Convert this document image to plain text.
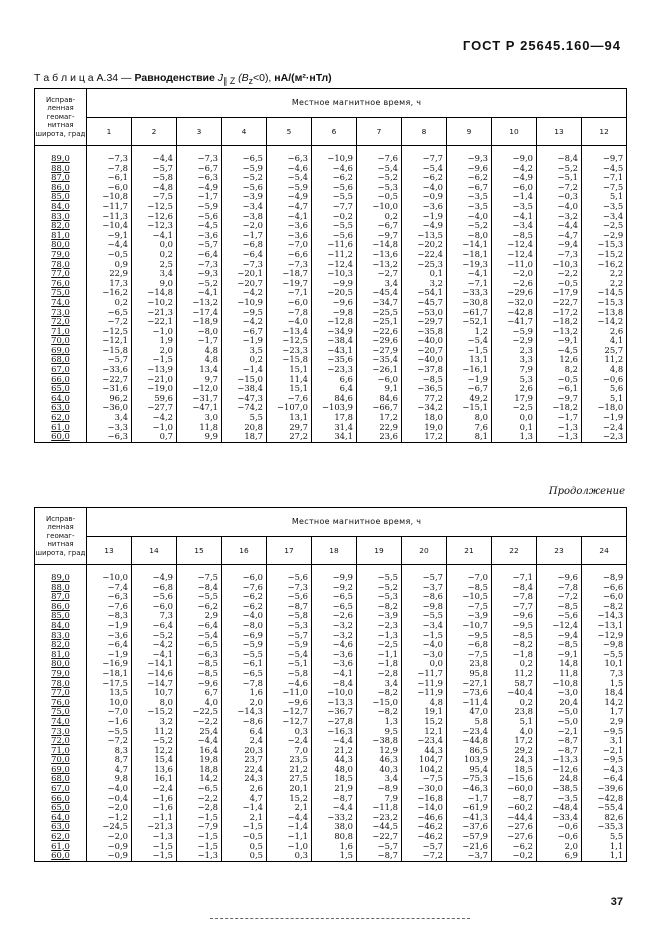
ГОСТ Р 25645.160—94
Т а б л и ц а А.34 — Равноденствие $J_{\parallel Z}$ $(B_z<0)$, нА/(м²·нТл)
Исправ-ленная геомаг-нитная широта, град	Местное магнитное время, ч											
	1	2	3	4	5	6	7	8	9	10	13	12

89,0	−7,3	−4,4	−7,3	−6,5	−6,3	−10,9	−7,6	−7,7	−9,3	−9,0	−8,4	−9,7
88,0	−7,8	−5,7	−6,7	−5,9	−4,6	−4,6	−5,4	−5,4	−9,6	−4,2	−5,2	−4,5
87,0	−6,1	−5,8	−6,3	−5,2	−5,4	−6,2	−5,2	−6,2	−6,2	−4,9	−5,1	−7,1
86,0	−6,0	−4,8	−4,9	−5,6	−5,9	−5,6	−5,3	−4,0	−6,7	−6,0	−7,2	−7,5
85,0	−10,8	−7,5	−1,7	−3,9	−4,9	−5,5	−0,5	−0,9	−3,5	−1,4	−0,3	5,1
84,0	−11,7	−12,5	−5,9	−3,4	−4,7	−7,7	−10,0	−3,6	−3,5	−3,5	−4,0	−3,5
83,0	−11,3	−12,6	−5,6	−3,8	−4,1	−0,2	0,2	−1,9	−4,0	−4,1	−3,2	−3,4
82,0	−10,4	−12,3	−4,5	−2,0	−3,6	−5,5	−6,7	−4,9	−5,2	−3,4	−4,4	−2,5
81,0	−9,1	−4,1	−3,6	−1,7	−3,6	−5,6	−9,7	−13,5	−8,0	−8,5	−4,7	−2,9
80,0	−4,4	0,0	−5,7	−6,8	−7,0	−11,6	−14,8	−20,2	−14,1	−12,4	−9,4	−15,3
79,0	−0,5	0,2	−6,4	−6,4	−6,6	−11,2	−13,6	−22,4	−18,1	−12,4	−7,3	−15,2
78,0	0,9	2,5	−7,3	−7,3	−7,3	−12,4	−13,2	−25,3	−19,3	−11,0	−10,3	−16,2
77,0	22,9	3,4	−9,3	−20,1	−18,7	−10,3	−2,7	0,1	−4,1	−2,0	−2,2	2,2
76,0	17,3	9,0	−5,2	−20,7	−19,7	−9,9	3,4	3,2	−7,1	−2,6	−0,5	2,2
75,0	−16,2	−14,8	−4,1	−4,2	−7,1	−20,5	−45,4	−54,1	−33,3	−29,6	−17,9	−14,5
74,0	0,2	−10,2	−13,2	−10,9	−6,0	−9,6	−34,7	−45,7	−30,8	−32,0	−22,7	−15,3
73,0	−6,5	−21,3	−17,4	−9,5	−7,8	−9,8	−25,5	−53,0	−61,7	−42,8	−17,2	−13,8
72,0	−7,2	−22,1	−18,9	−4,2	−4,0	−12,8	−25,1	−29,7	−52,1	−41,7	−18,2	−14,2
71,0	−12,5	−1,0	−8,0	−6,7	−13,4	−34,9	−22,6	−35,8	1,2	−5,9	−13,2	2,6
70,0	−12,1	1,9	−1,7	−1,9	−12,5	−38,4	−29,6	−40,0	−5,4	−2,9	−9,1	4,1
69,0	−15,8	2,0	4,8	3,5	−23,3	−43,1	−27,9	−20,7	−1,5	2,3	−4,5	25,7
68,0	−5,7	−1,5	4,8	0,2	−15,8	−35,6	−35,4	−40,0	13,1	3,3	12,6	11,2
67,0	−33,6	−13,9	13,4	−1,4	15,1	−23,3	−26,1	−37,8	−16,1	7,9	8,2	4,8
66,0	−22,7	−21,0	9,7	−15,0	11,4	6,6	−6,0	−8,5	−1,9	5,3	−0,5	−0,6
65,0	−31,6	−19,0	−12,0	−38,4	15,1	6,4	9,1	−36,5	−6,7	2,6	−6,1	5,6
64,0	96,2	59,6	−31,7	−47,3	−7,6	84,6	84,6	77,2	49,2	17,9	−9,7	5,1
63,0	−36,0	−27,7	−47,1	−74,2	−107,0	−103,9	−66,7	−34,2	−15,1	−2,5	−18,2	−18,0
62,0	3,4	−4,2	3,0	5,5	13,1	17,8	17,2	18,0	8,0	0,0	−1,7	−1,9
61,0	−3,3	−1,0	11,8	20,8	29,7	31,4	22,9	19,0	7,6	0,1	−1,3	−2,4
60,0	−6,3	0,7	9,9	18,7	27,2	34,1	23,6	17,2	8,1	1,3	−1,3	−2,3
Продолжение
Исправ-ленная геомаг-нитная широта, град	Местное магнитное время, ч											
	13	14	15	16	17	18	19	20	21	22	23	24

89,0	−10,0	−4,9	−7,5	−6,0	−5,6	−9,9	−5,5	−5,7	−7,0	−7,1	−9,6	−8,9
88,0	−7,4	−6,8	−8,4	−7,6	−7,3	−9,2	−5,2	−3,7	−8,5	−8,4	−7,8	−6,6
87,0	−6,3	−5,6	−5,5	−6,2	−5,6	−6,5	−5,3	−8,6	−10,5	−7,8	−7,2	−6,0
86,0	−7,6	−6,0	−6,2	−6,2	−8,7	−6,5	−8,2	−9,8	−7,5	−7,7	−8,5	−8,2
85,0	−8,3	7,3	2,9	−4,0	−5,8	−2,6	−3,9	−5,5	−3,9	−9,6	−5,6	−14,3
84,0	−1,9	−6,4	−6,4	−8,0	−5,3	−3,2	−2,3	−3,4	−10,7	−9,5	−12,4	−13,1
83,0	−3,6	−5,2	−5,4	−6,9	−5,7	−3,2	−1,3	−1,5	−9,5	−8,5	−9,4	−12,9
82,0	−6,4	−4,2	−6,5	−5,9	−5,9	−4,6	−2,5	−4,0	−6,8	−8,2	−8,5	−9,8
81,0	−1,9	−4,1	−6,3	−5,5	−5,4	−3,6	−1,1	−3,0	−7,5	−1,8	−9,1	−5,5
80,0	−16,9	−14,1	−8,5	−6,1	−5,1	−3,6	−1,8	0,0	23,8	0,2	14,8	10,1
79,0	−18,1	−14,6	−8,5	−6,5	−5,8	−4,1	−2,8	−11,7	95,8	11,2	11,8	7,3
78,0	−17,5	−14,7	−9,6	−7,8	−4,6	−8,4	3,4	−11,9	−27,1	58,7	−10,8	1,5
77,0	13,5	10,7	6,7	1,6	−11,0	−10,0	−8,2	−11,9	−73,6	−40,4	−3,0	18,4
76,0	10,0	8,0	4,0	2,0	−9,6	−13,3	−15,0	4,8	−11,4	0,2	20,4	14,2
75,0	−7,0	−15,2	−22,5	−14,3	−12,7	−36,7	−8,2	19,1	47,0	23,8	−5,0	1,7
74,0	−1,6	3,2	−2,2	−8,6	−12,7	−27,8	1,3	15,2	5,8	5,1	−5,0	2,9
73,0	−5,5	11,2	25,4	6,4	0,3	−16,3	9,5	12,1	−23,4	4,0	−2,1	−9,5
72,0	−7,2	−5,2	−4,4	2,4	−2,4	−4,4	−38,8	−23,4	−44,8	17,2	−8,7	3,1
71,0	8,3	12,2	16,4	20,3	7,0	21,2	12,9	44,3	86,5	29,2	−8,7	−2,1
70,0	8,7	15,4	19,8	23,7	23,5	44,3	46,3	104,7	103,9	24,3	−13,3	−9,5
69,0	4,7	13,6	18,8	22,4	21,2	48,0	40,3	104,2	95,4	18,5	−12,6	−4,3
68,0	9,8	16,1	14,2	24,3	27,5	18,5	3,4	−7,5	−75,3	−15,6	24,8	−6,4
67,0	−4,0	−2,4	−6,5	2,6	20,1	21,9	−8,9	−30,0	−46,3	−60,0	−38,5	−39,6
66,0	−0,4	−1,6	−2,2	4,7	15,2	−8,7	7,9	−16,8	−1,7	−8,7	−3,5	−42,8
65,0	−2,0	−1,6	−2,8	−1,4	2,1	−4,4	−11,8	−14,0	−61,9	−60,2	−48,4	−55,4
64,0	−1,2	−1,1	−1,5	2,1	−4,4	−33,2	−23,2	−46,6	−41,3	−44,4	−33,4	82,6
63,0	−24,5	−21,3	−7,9	−1,5	−1,4	38,0	−44,5	−46,2	−37,6	−27,6	−0,6	−35,3
62,0	−2,0	−1,3	−1,5	−0,5	−1,1	80,8	−22,7	−46,2	−57,9	−27,6	−0,6	5,5
61,0	−0,9	−1,5	−1,5	0,5	−1,0	1,6	−5,7	−5,7	−21,6	−6,2	2,0	1,1
60,0	−0,9	−1,5	−1,3	0,5	0,3	1,5	−8,7	−7,2	−3,7	−0,2	6,9	1,1
37
